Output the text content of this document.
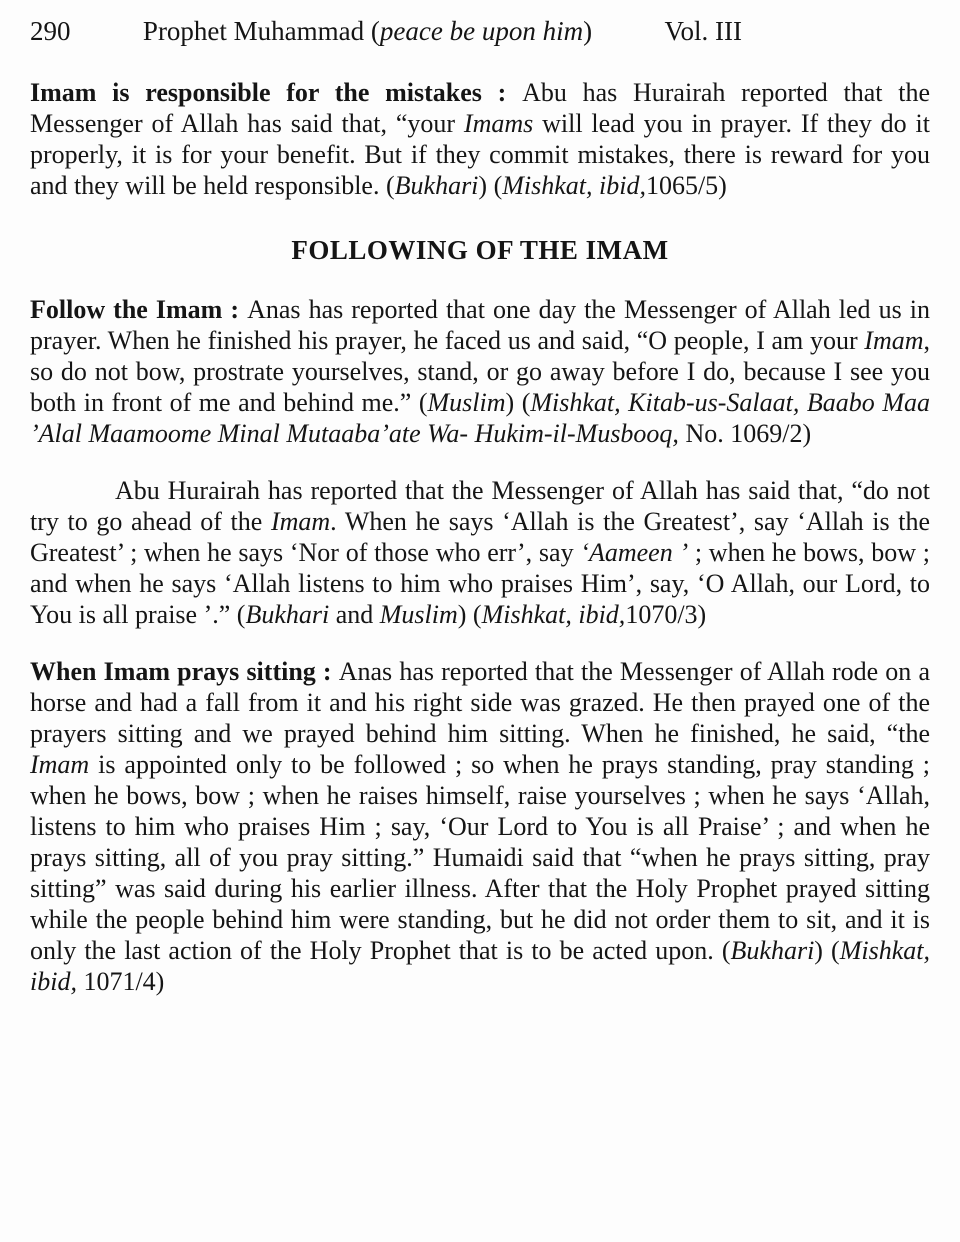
290	Prophet Muhammad (peace be upon him)	Vol. III

Imam is responsible for the mistakes : Abu has Hurairah reported that the Messenger of Allah has said that, “your Imams will lead you in prayer. If they do it properly, it is for your benefit. But if they commit mistakes, there is reward for you and they will be held responsible. (Bukhari) (Mishkat, ibid,1065/5)

FOLLOWING OF THE IMAM

Follow the Imam : Anas has reported that one day the Messenger of Allah led us in prayer. When he finished his prayer, he faced us and said, “O people, I am your Imam, so do not bow, prostrate yourselves, stand, or go away before I do, because I see you both in front of me and behind me.” (Muslim) (Mishkat, Kitab-us-Salaat, Baabo Maa ’Alal Maamoome Minal Mutaaba’ate Wa- Hukim-il-Musbooq, No. 1069/2)

Abu Hurairah has reported that the Messenger of Allah has said that, “do not try to go ahead of the Imam. When he says ‘Allah is the Greatest’, say ‘Allah is the Greatest’ ; when he says ‘Nor of those who err’, say ‘Aameen ’ ; when he bows, bow ; and when he says ‘Allah listens to him who praises Him’, say, ‘O Allah, our Lord, to You is all praise ’.” (Bukhari and Muslim) (Mishkat, ibid,1070/3)

When Imam prays sitting : Anas has reported that the Messenger of Allah rode on a horse and had a fall from it and his right side was grazed. He then prayed one of the prayers sitting and we prayed behind him sitting. When he finished, he said, “the Imam is appointed only to be followed ; so when he prays standing, pray standing ; when he bows, bow ; when he raises himself, raise yourselves ; when he says ‘Allah, listens to him who praises Him ; say, ‘Our Lord to You is all Praise’ ; and when he prays sitting, all of you pray sitting.” Humaidi said that “when he prays sitting, pray sitting” was said during his earlier illness. After that the Holy Prophet prayed sitting while the people behind him were standing, but he did not order them to sit, and it is only the last action of the Holy Prophet that is to be acted upon. (Bukhari) (Mishkat, ibid, 1071/4)
